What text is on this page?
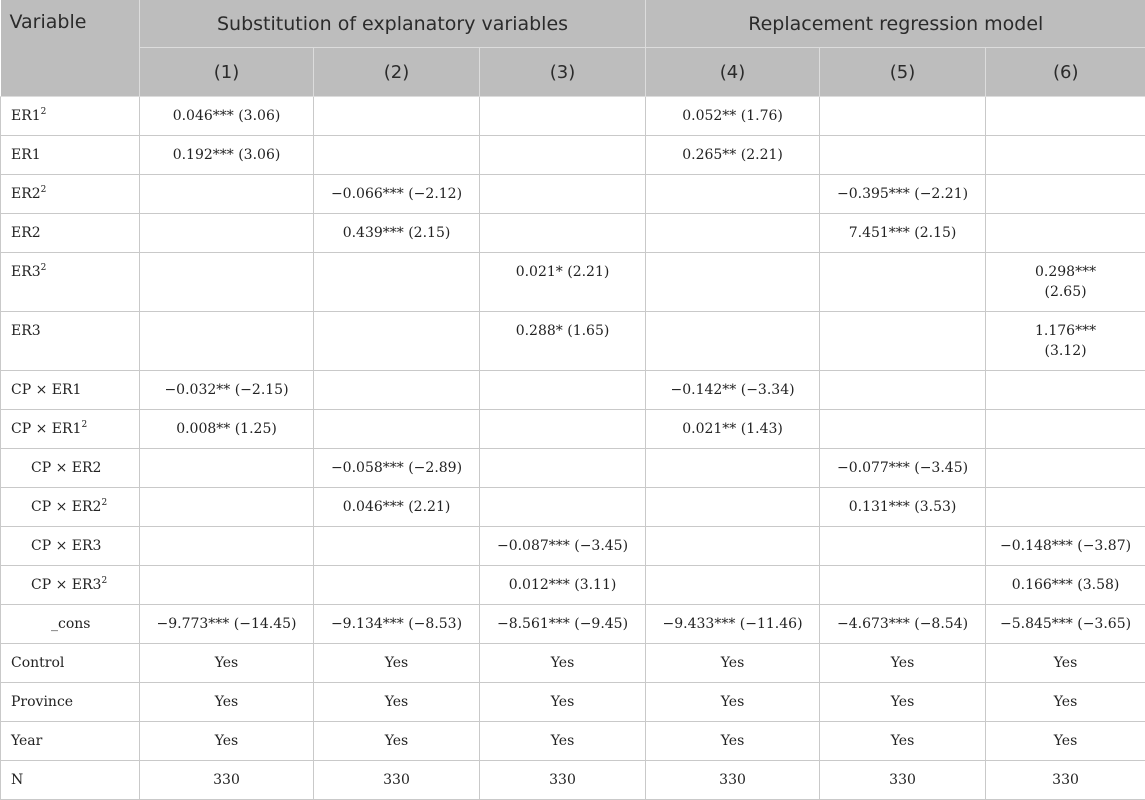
Variable	Substitution of explanatory variables			Replacement regression model		
	(1)	(2)	(3)	(4)	(5)	(6)
$ER1^2$	0.046*** (3.06)			0.052** (1.76)		
ER1	0.192*** (3.06)			0.265** (2.21)		
$ER2^2$		−0.066*** (−2.12)			−0.395*** (−2.21)	
ER2		0.439*** (2.15)			7.451*** (2.15)	
$ER3^2$			0.021* (2.21)			0.298***
(2.65)
ER3			0.288* (1.65)			1.176***
(3.12)
CP × ER1	−0.032** (−2.15)			−0.142** (−3.34)		
CP × $ER1^2$	0.008** (1.25)			0.021** (1.43)		
CP × ER2		−0.058*** (−2.89)			−0.077*** (−3.45)	
CP × $ER2^2$		0.046*** (2.21)			0.131*** (3.53)	
CP × ER3			−0.087*** (−3.45)			−0.148*** (−3.87)
CP × $ER3^2$			0.012*** (3.11)			0.166*** (3.58)
_cons	−9.773*** (−14.45)	−9.134*** (−8.53)	−8.561*** (−9.45)	−9.433*** (−11.46)	−4.673*** (−8.54)	−5.845*** (−3.65)
Control	Yes	Yes	Yes	Yes	Yes	Yes
Province	Yes	Yes	Yes	Yes	Yes	Yes
Year	Yes	Yes	Yes	Yes	Yes	Yes
N	330	330	330	330	330	330
